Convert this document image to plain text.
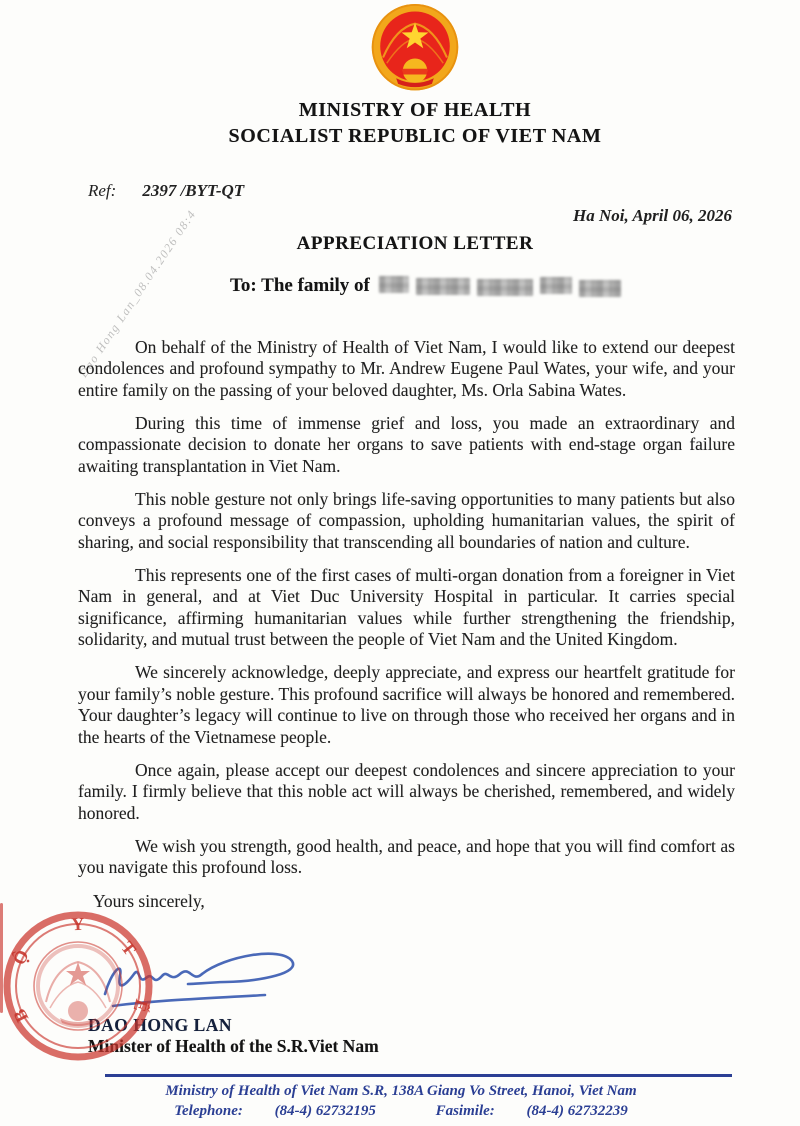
Dao Hong Lan_08.04.2026 08:4
MINISTRY OF HEALTH
SOCIALIST REPUBLIC OF VIET NAM
Ref: 2397 /BYT-QT
Ha Noi, April 06, 2026
APPRECIATION LETTER
To: The family of

On behalf of the Ministry of Health of Viet Nam, I would like to extend our deepest condolences and profound sympathy to Mr. Andrew Eugene Paul Wates, your wife, and your entire family on the passing of your beloved daughter, Ms. Orla Sabina Wates.

During this time of immense grief and loss, you made an extraordinary and compassionate decision to donate her organs to save patients with end-stage organ failure awaiting transplantation in Viet Nam.

This noble gesture not only brings life-saving opportunities to many patients but also conveys a profound message of compassion, upholding humanitarian values, the spirit of sharing, and social responsibility that transcending all boundaries of nation and culture.

This represents one of the first cases of multi-organ donation from a foreigner in Viet Nam in general, and at Viet Duc University Hospital in particular. It carries special significance, affirming humanitarian values while further strengthening the friendship, solidarity, and mutual trust between the people of Viet Nam and the United Kingdom.

We sincerely acknowledge, deeply appreciate, and express our heartfelt gratitude for your family’s noble gesture. This profound sacrifice will always be honored and remembered. Your daughter’s legacy will continue to live on through those who received her organs and in the hearts of the Vietnamese people.

Once again, please accept our deepest condolences and sincere appreciation to your family. I firmly believe that this noble act will always be cherished, remembered, and widely honored.

We wish you strength, good health, and peace, and hope that you will find comfort as you navigate this profound loss.

Yours sincerely,

DAO HONG LAN
Minister of Health of the S.R.Viet Nam
B
Ộ
Y
T
Ế
Ministry of Health of Viet Nam S.R, 138A Giang Vo Street, Hanoi, Viet Nam
Telephone: (84-4) 62732195	Fasimile: (84-4) 62732239
